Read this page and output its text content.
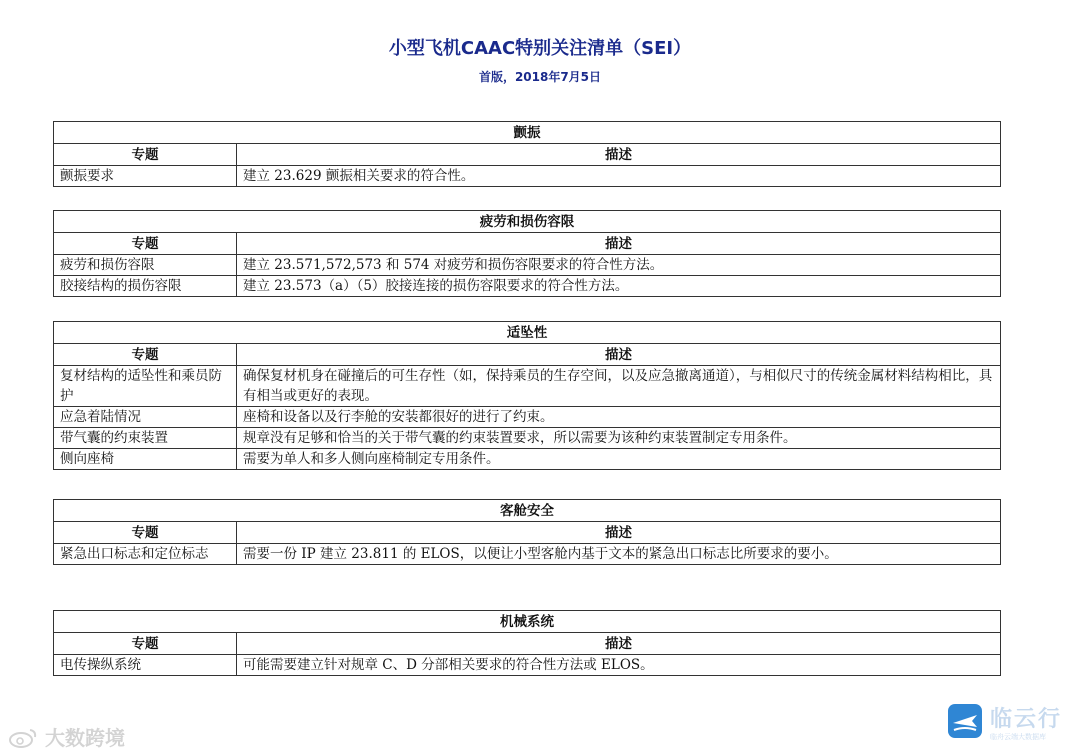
小型飞机CAAC特别关注清单（SEI）
首版，2018年7月5日
颤振	
专题	描述
颤振要求	建立 23.629 颤振相关要求的符合性。
疲劳和损伤容限	
专题	描述
疲劳和损伤容限	建立 23.571,572,573 和 574 对疲劳和损伤容限要求的符合性方法。
胶接结构的损伤容限	建立 23.573（a）（5）胶接连接的损伤容限要求的符合性方法。
适坠性	
专题	描述
复材结构的适坠性和乘员防护	确保复材机身在碰撞后的可生存性（如，保持乘员的生存空间，以及应急撤离通道），与相似尺寸的传统金属材料结构相比，具有相当或更好的表现。
应急着陆情况	座椅和设备以及行李舱的安装都很好的进行了约束。
带气囊的约束装置	规章没有足够和恰当的关于带气囊的约束装置要求，所以需要为该种约束装置制定专用条件。
侧向座椅	需要为单人和多人侧向座椅制定专用条件。
客舱安全	
专题	描述
紧急出口标志和定位标志	需要一份 IP 建立 23.811 的 ELOS，以便让小型客舱内基于文本的紧急出口标志比所要求的要小。
机械系统	
专题	描述
电传操纵系统	可能需要建立针对规章 C、D 分部相关要求的符合性方法或 ELOS。
大数跨境
临云行
临舟云端大数据库
